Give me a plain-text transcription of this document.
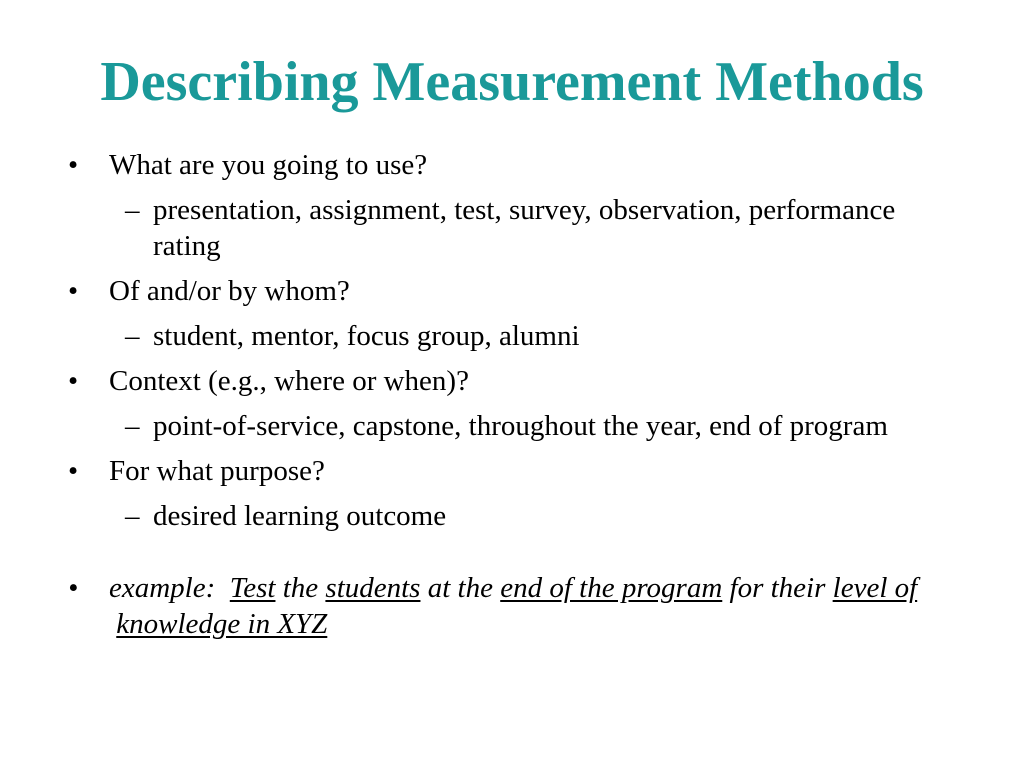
Describing Measurement Methods
• What are you going to use?
– presentation, assignment, test, survey, observation, performance rating
• Of and/or by whom?
– student, mentor, focus group, alumni
• Context (e.g., where or when)?
– point-of-service, capstone, throughout the year, end of program
• For what purpose?
– desired learning outcome
• example:  Test the students at the end of the program for their level of knowledge in XYZ
